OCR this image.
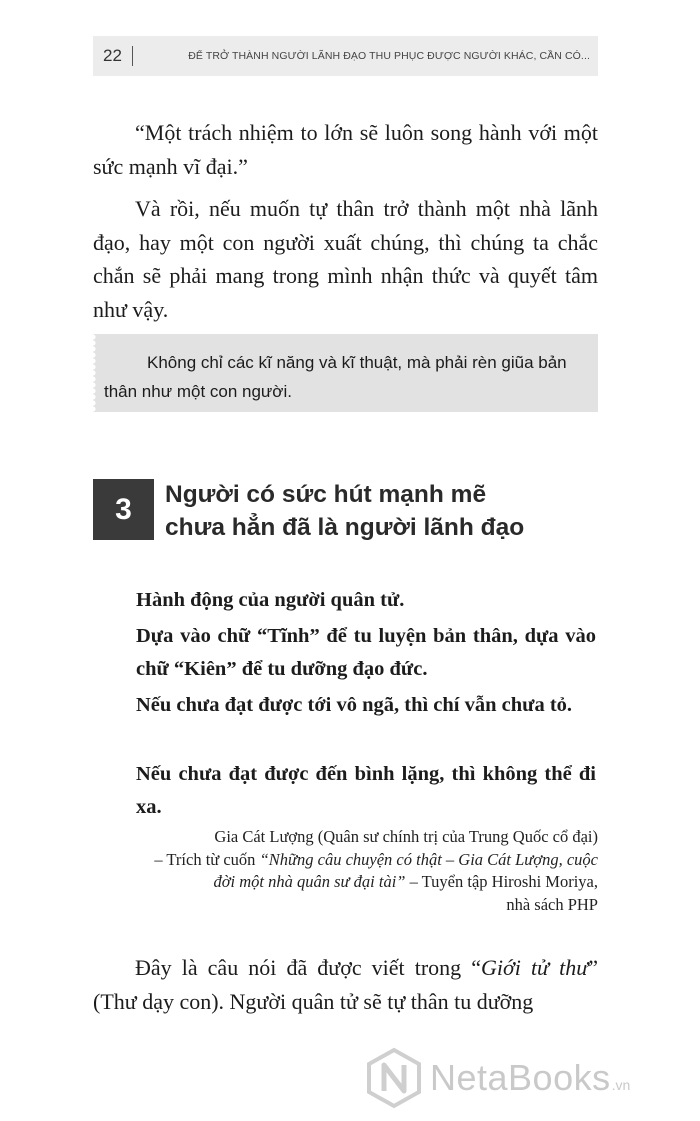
22	ĐỂ TRỞ THÀNH NGƯỜI LÃNH ĐẠO THU PHỤC ĐƯỢC NGƯỜI KHÁC, CẦN CÓ...

“Một trách nhiệm to lớn sẽ luôn song hành với một sức mạnh vĩ đại.”

Và rồi, nếu muốn tự thân trở thành một nhà lãnh đạo, hay một con người xuất chúng, thì chúng ta chắc chắn sẽ phải mang trong mình nhận thức và quyết tâm như vậy.

Không chỉ các kĩ năng và kĩ thuật, mà phải rèn giũa bản thân như một con người.

3	Người có sức hút mạnh mẽ
chưa hẳn đã là người lãnh đạo

Hành động của người quân tử.

Dựa vào chữ “Tĩnh” để tu luyện bản thân, dựa vào chữ “Kiên” để tu dưỡng đạo đức.

Nếu chưa đạt được tới vô ngã, thì chí vẫn chưa tỏ.

Nếu chưa đạt được đến bình lặng, thì không thể đi xa.

Gia Cát Lượng (Quân sư chính trị của Trung Quốc cổ đại)
– Trích từ cuốn “Những câu chuyện có thật – Gia Cát Lượng, cuộc
đời một nhà quân sư đại tài” – Tuyển tập Hiroshi Moriya,
nhà sách PHP

Đây là câu nói đã được viết trong “Giới tử thư” (Thư dạy con). Người quân tử sẽ tự thân tu dưỡng

NetaBooks .vn
